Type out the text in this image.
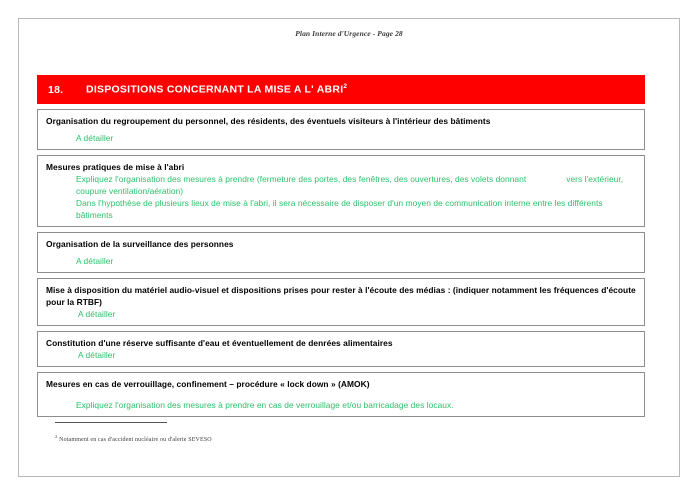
Plan Interne d'Urgence - Page 28
18. DISPOSITIONS CONCERNANT LA MISE A L' ABRI$^2$
Organisation du regroupement du personnel, des résidents, des éventuels visiteurs à l'intérieur des bâtiments
A détailler
Mesures pratiques de mise à l'abri
Expliquez l'organisation des mesures à prendre (fermeture des portes, des fenêtres, des ouvertures, des volets donnant	vers l'extérieur, coupure ventilation/aération)
Dans l'hypothèse de plusieurs lieux de mise à l'abri, il sera nécessaire de disposer d'un moyen de communication interne entre les différents bâtiments
Organisation de la surveillance des personnes
A détailler
Mise à disposition du matériel audio-visuel et dispositions prises pour rester à l'écoute des médias : (indiquer notamment les fréquences d'écoute pour la RTBF)
A détailler
Constitution d'une réserve suffisante d'eau et éventuellement de denrées alimentaires
A détailler
Mesures en cas de verrouillage, confinement – procédure « lock down » (AMOK)
Expliquez l'organisation des mesures à prendre en cas de verrouillage et/ou barricadage des locaux.
$^2$ Notamment en cas d'accident nucléaire ou d'alerte SEVESO
